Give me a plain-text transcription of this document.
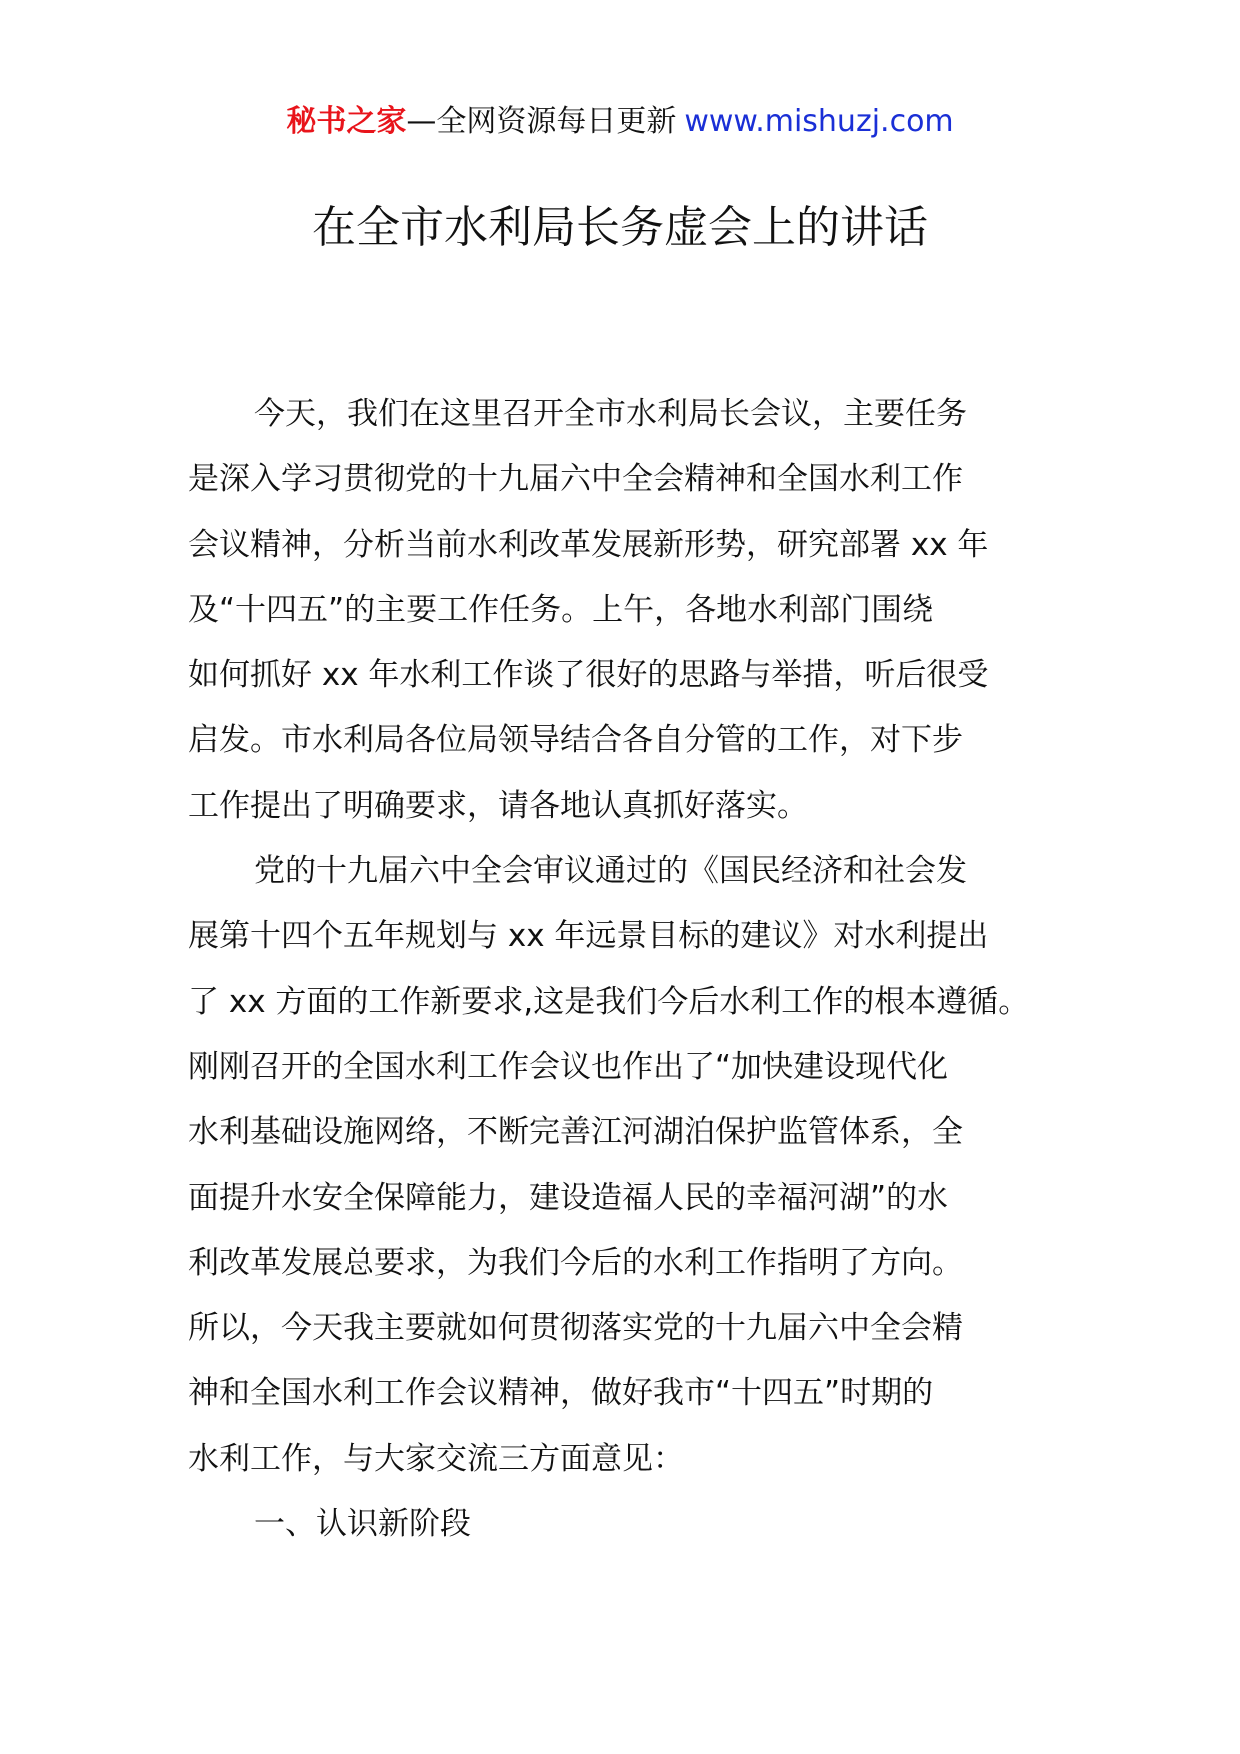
秘书之家—全网资源每日更新 www.mishuzj.com
在全市水利局长务虚会上的讲话
今天，我们在这里召开全市水利局长会议，主要任务
是深入学习贯彻党的十九届六中全会精神和全国水利工作
会议精神，分析当前水利改革发展新形势，研究部署 xx 年
及“十四五”的主要工作任务。上午，各地水利部门围绕
如何抓好 xx 年水利工作谈了很好的思路与举措，听后很受
启发。市水利局各位局领导结合各自分管的工作，对下步
工作提出了明确要求，请各地认真抓好落实。
党的十九届六中全会审议通过的《国民经济和社会发
展第十四个五年规划与 xx 年远景目标的建议》对水利提出
了 xx 方面的工作新要求,这是我们今后水利工作的根本遵循。
刚刚召开的全国水利工作会议也作出了“加快建设现代化
水利基础设施网络，不断完善江河湖泊保护监管体系，全
面提升水安全保障能力，建设造福人民的幸福河湖”的水
利改革发展总要求，为我们今后的水利工作指明了方向。
所以，今天我主要就如何贯彻落实党的十九届六中全会精
神和全国水利工作会议精神，做好我市“十四五”时期的
水利工作，与大家交流三方面意见：
一、认识新阶段
